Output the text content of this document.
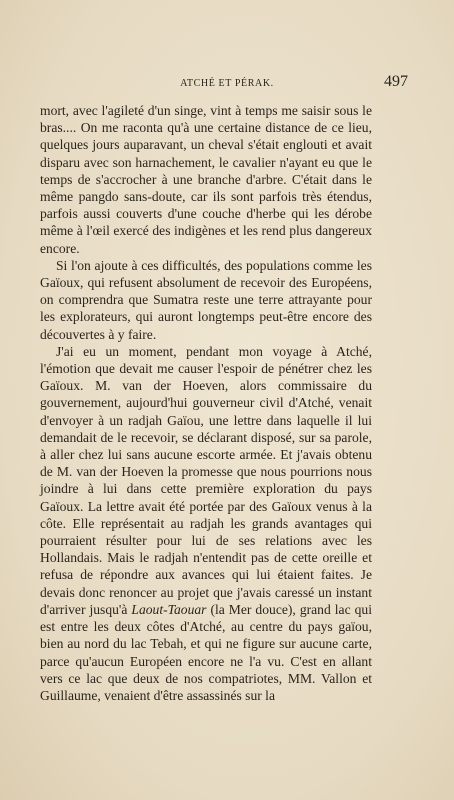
ATCHÉ ET PÉRAK.	497

mort, avec l'agileté d'un singe, vint à temps me saisir sous le bras.... On me raconta qu'à une certaine distance de ce lieu, quelques jours auparavant, un cheval s'était englouti et avait disparu avec son harnachement, le cavalier n'ayant eu que le temps de s'accrocher à une branche d'arbre. C'était dans le même pangdo sans-doute, car ils sont parfois très étendus, parfois aussi couverts d'une couche d'herbe qui les dérobe même à l'œil exercé des indigènes et les rend plus dangereux encore.

Si l'on ajoute à ces difficultés, des populations comme les Gaïoux, qui refusent absolument de recevoir des Européens, on comprendra que Sumatra reste une terre attrayante pour les explorateurs, qui auront longtemps peut-être encore des découvertes à y faire.

J'ai eu un moment, pendant mon voyage à Atché, l'émotion que devait me causer l'espoir de pénétrer chez les Gaïoux. M. van der Hoeven, alors commissaire du gouvernement, aujourd'hui gouverneur civil d'Atché, venait d'envoyer à un radjah Gaïou, une lettre dans laquelle il lui demandait de le recevoir, se déclarant disposé, sur sa parole, à aller chez lui sans aucune escorte armée. Et j'avais obtenu de M. van der Hoeven la promesse que nous pourrions nous joindre à lui dans cette première exploration du pays Gaïoux. La lettre avait été portée par des Gaïoux venus à la côte. Elle représentait au radjah les grands avantages qui pourraient résulter pour lui de ses relations avec les Hollandais. Mais le radjah n'entendit pas de cette oreille et refusa de répondre aux avances qui lui étaient faites. Je devais donc renoncer au projet que j'avais caressé un instant d'arriver jusqu'à Laout-Taouar (la Mer douce), grand lac qui est entre les deux côtes d'Atché, au centre du pays gaïou, bien au nord du lac Tebah, et qui ne figure sur aucune carte, parce qu'aucun Européen encore ne l'a vu. C'est en allant vers ce lac que deux de nos compatriotes, MM. Vallon et Guillaume, venaient d'être assassinés sur la
